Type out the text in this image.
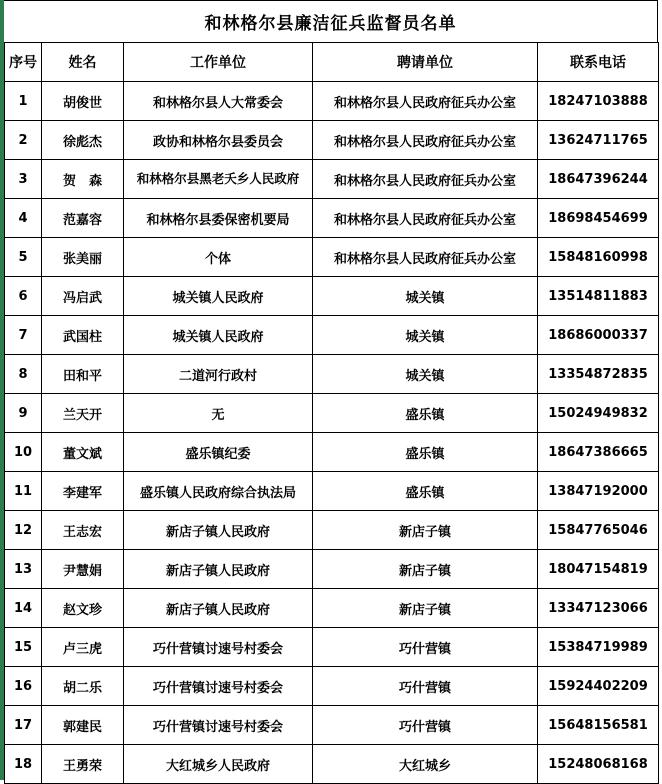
和林格尔县廉洁征兵监督员名单
序号	姓名	工作单位	聘请单位	联系电话
1	胡俊世	和林格尔县人大常委会	和林格尔县人民政府征兵办公室	18247103888
2	徐彪杰	政协和林格尔县委员会	和林格尔县人民政府征兵办公室	13624711765
3	贺　森	和林格尔县黑老夭乡人民政府	和林格尔县人民政府征兵办公室	18647396244
4	范嘉容	和林格尔县委保密机要局	和林格尔县人民政府征兵办公室	18698454699
5	张美丽	个体	和林格尔县人民政府征兵办公室	15848160998
6	冯启武	城关镇人民政府	城关镇	13514811883
7	武国柱	城关镇人民政府	城关镇	18686000337
8	田和平	二道河行政村	城关镇	13354872835
9	兰天开	无	盛乐镇	15024949832
10	董文斌	盛乐镇纪委	盛乐镇	18647386665
11	李建军	盛乐镇人民政府综合执法局	盛乐镇	13847192000
12	王志宏	新店子镇人民政府	新店子镇	15847765046
13	尹慧娟	新店子镇人民政府	新店子镇	18047154819
14	赵文珍	新店子镇人民政府	新店子镇	13347123066
15	卢三虎	巧什营镇讨速号村委会	巧什营镇	15384719989
16	胡二乐	巧什营镇讨速号村委会	巧什营镇	15924402209
17	郭建民	巧什营镇讨速号村委会	巧什营镇	15648156581
18	王勇荣	大红城乡人民政府	大红城乡	15248068168
